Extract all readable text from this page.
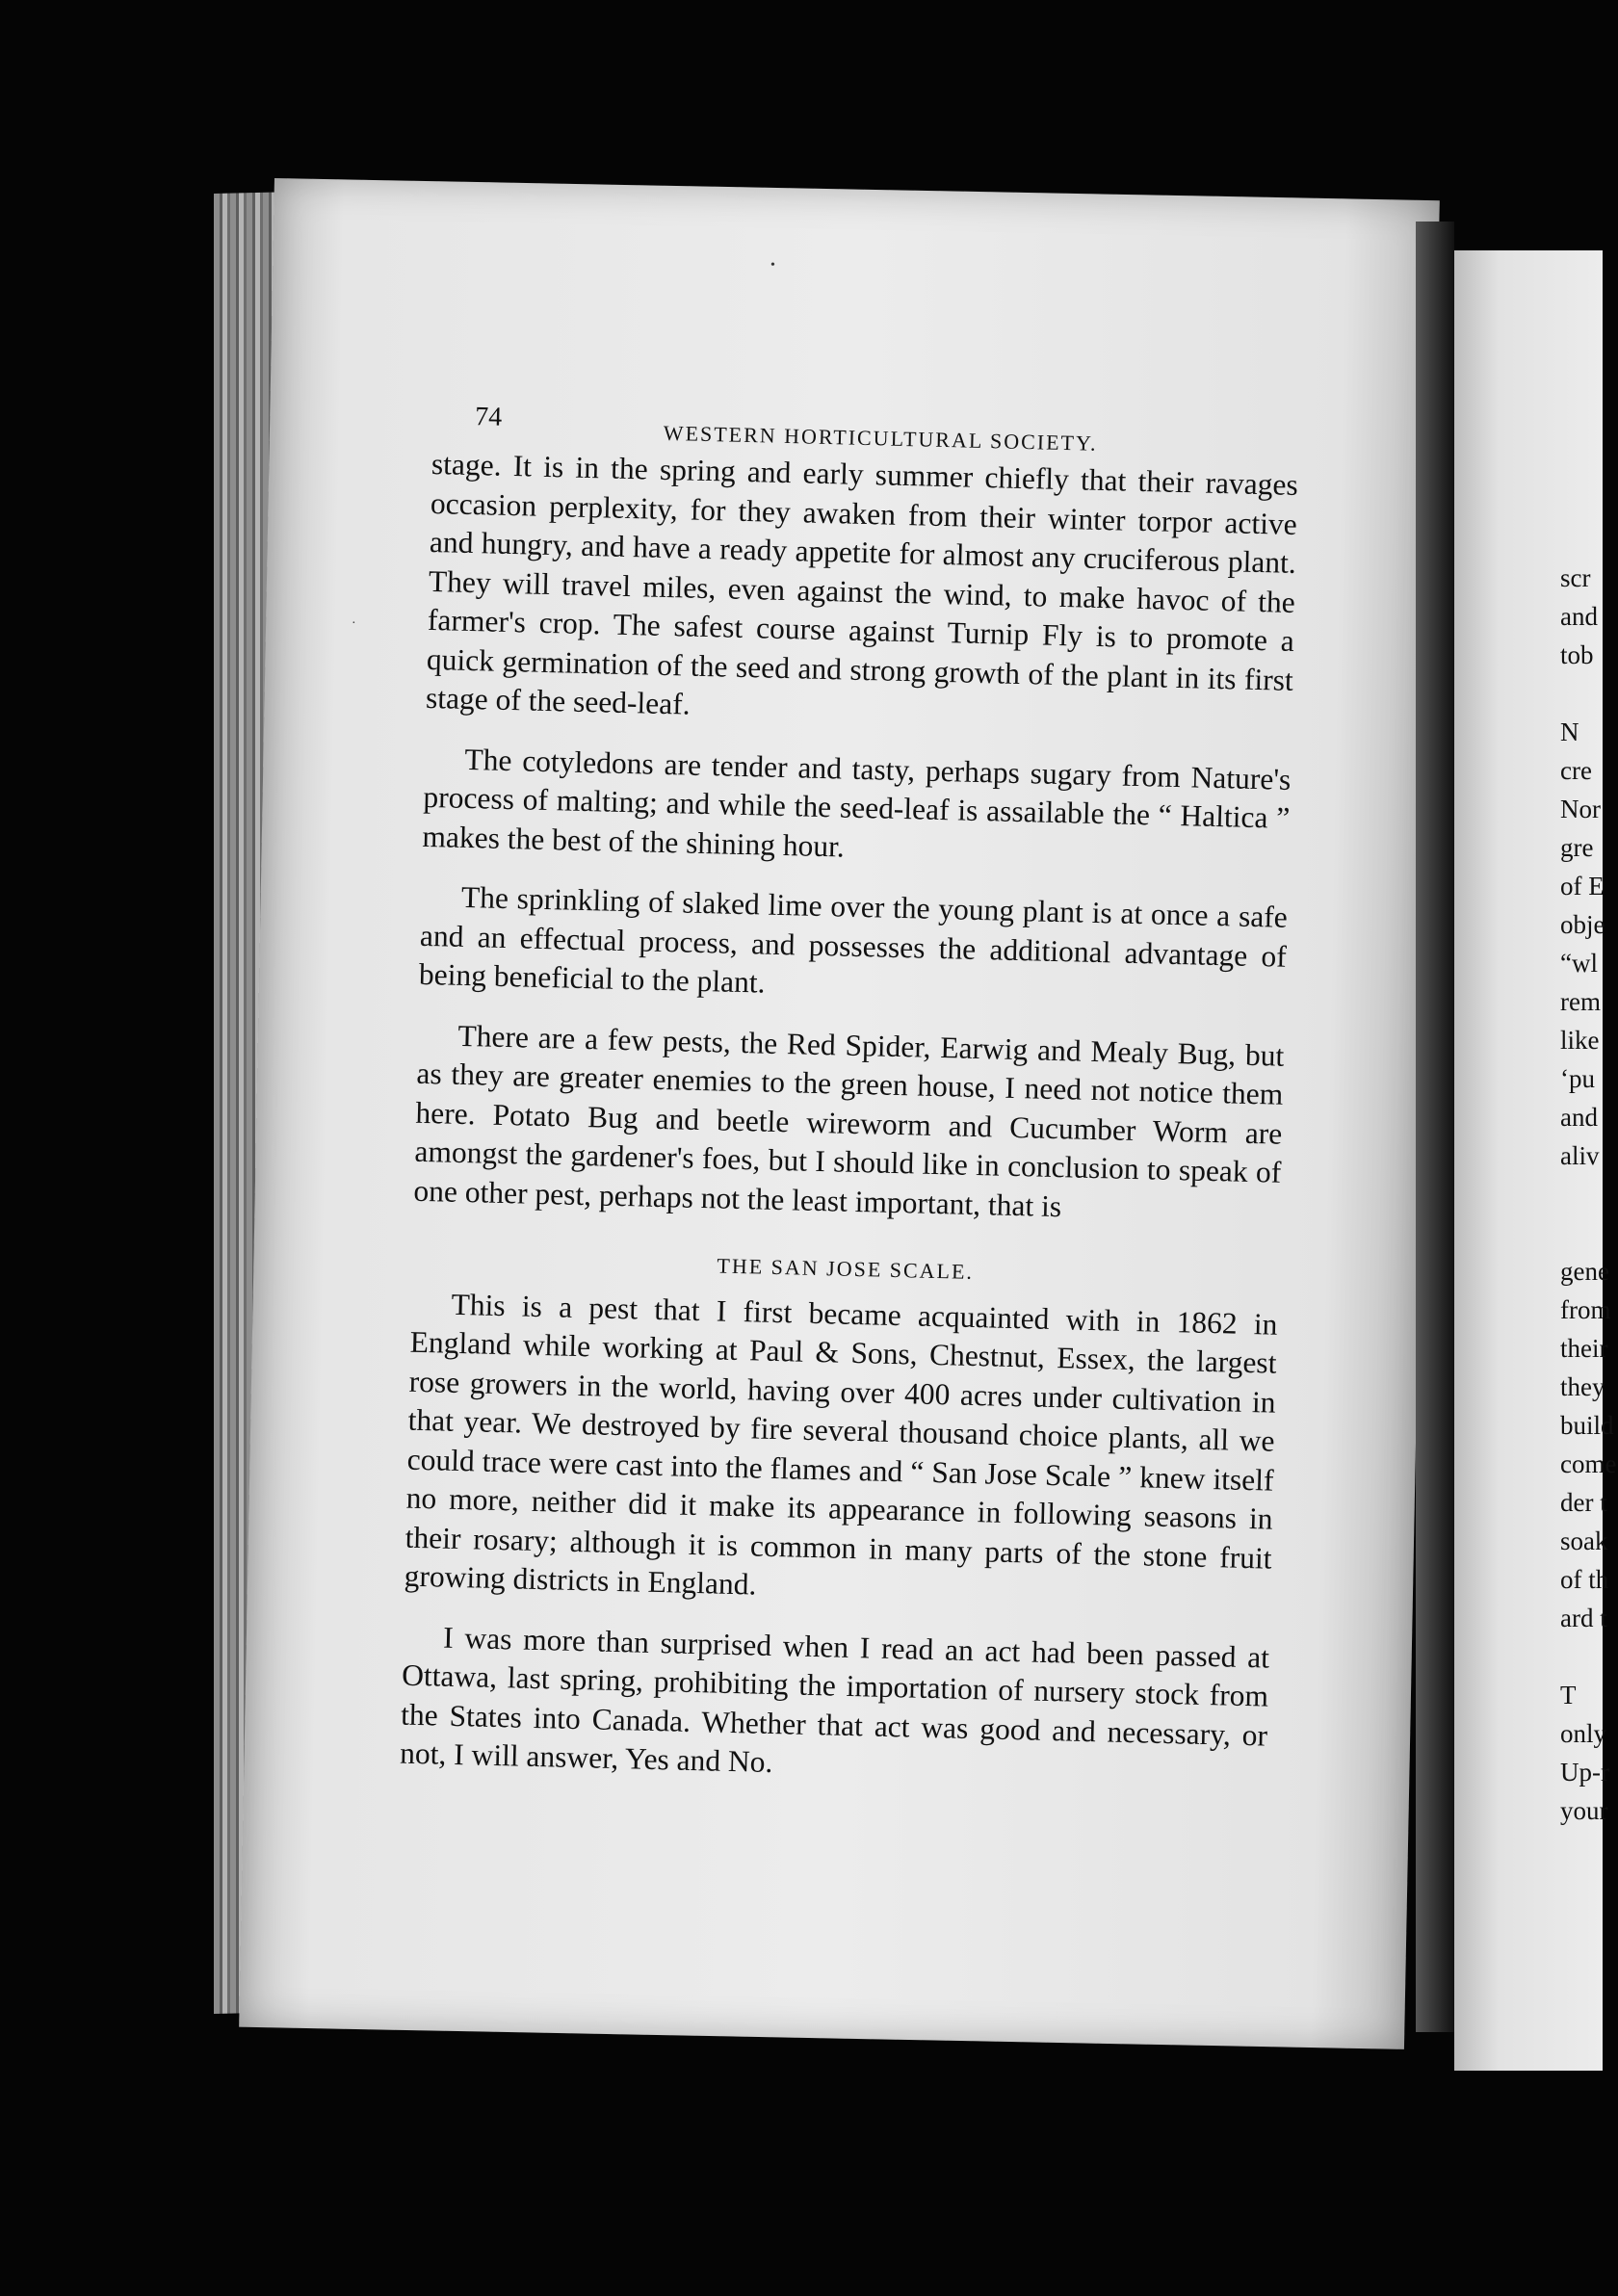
74
WESTERN HORTICULTURAL SOCIETY.

stage. It is in the spring and early summer chiefly that their ravages occasion perplexity, for they awaken from their winter torpor active and hungry, and have a ready appetite for almost any cruciferous plant. They will travel miles, even against the wind, to make havoc of the farmer's crop. The safest course against Turnip Fly is to promote a quick germination of the seed and strong growth of the plant in its first stage of the seed-leaf.

The cotyledons are tender and tasty, perhaps sugary from Nature's process of malting; and while the seed-leaf is assailable the “ Haltica ” makes the best of the shining hour.

The sprinkling of slaked lime over the young plant is at once a safe and an effectual process, and possesses the additional advantage of being beneficial to the plant.

There are a few pests, the Red Spider, Earwig and Mealy Bug, but as they are greater enemies to the green house, I need not notice them here. Potato Bug and beetle wireworm and Cucumber Worm are amongst the gardener's foes, but I should like in conclusion to speak of one other pest, perhaps not the least important, that is

THE SAN JOSE SCALE.

This is a pest that I first became acquainted with in 1862 in England while working at Paul & Sons, Chestnut, Essex, the largest rose growers in the world, having over 400 acres under cultivation in that year. We destroyed by fire several thousand choice plants, all we could trace were cast into the flames and “ San Jose Scale ” knew itself no more, neither did it make its appearance in following seasons in their rosary; although it is common in many parts of the stone fruit growing districts in England.

I was more than surprised when I read an act had been passed at Ottawa, last spring, prohibiting the importation of nursery stock from the States into Canada. Whether that act was good and necessary, or not, I will answer, Yes and No.

scr
and
tob
N
cre
Nor
gre
of E
obje
“wl
rem
like
‘pu
and
aliv
gene
from
their
they
build
come
der t
soak
of th
ard t
T
only
Up-r
your
•
·
